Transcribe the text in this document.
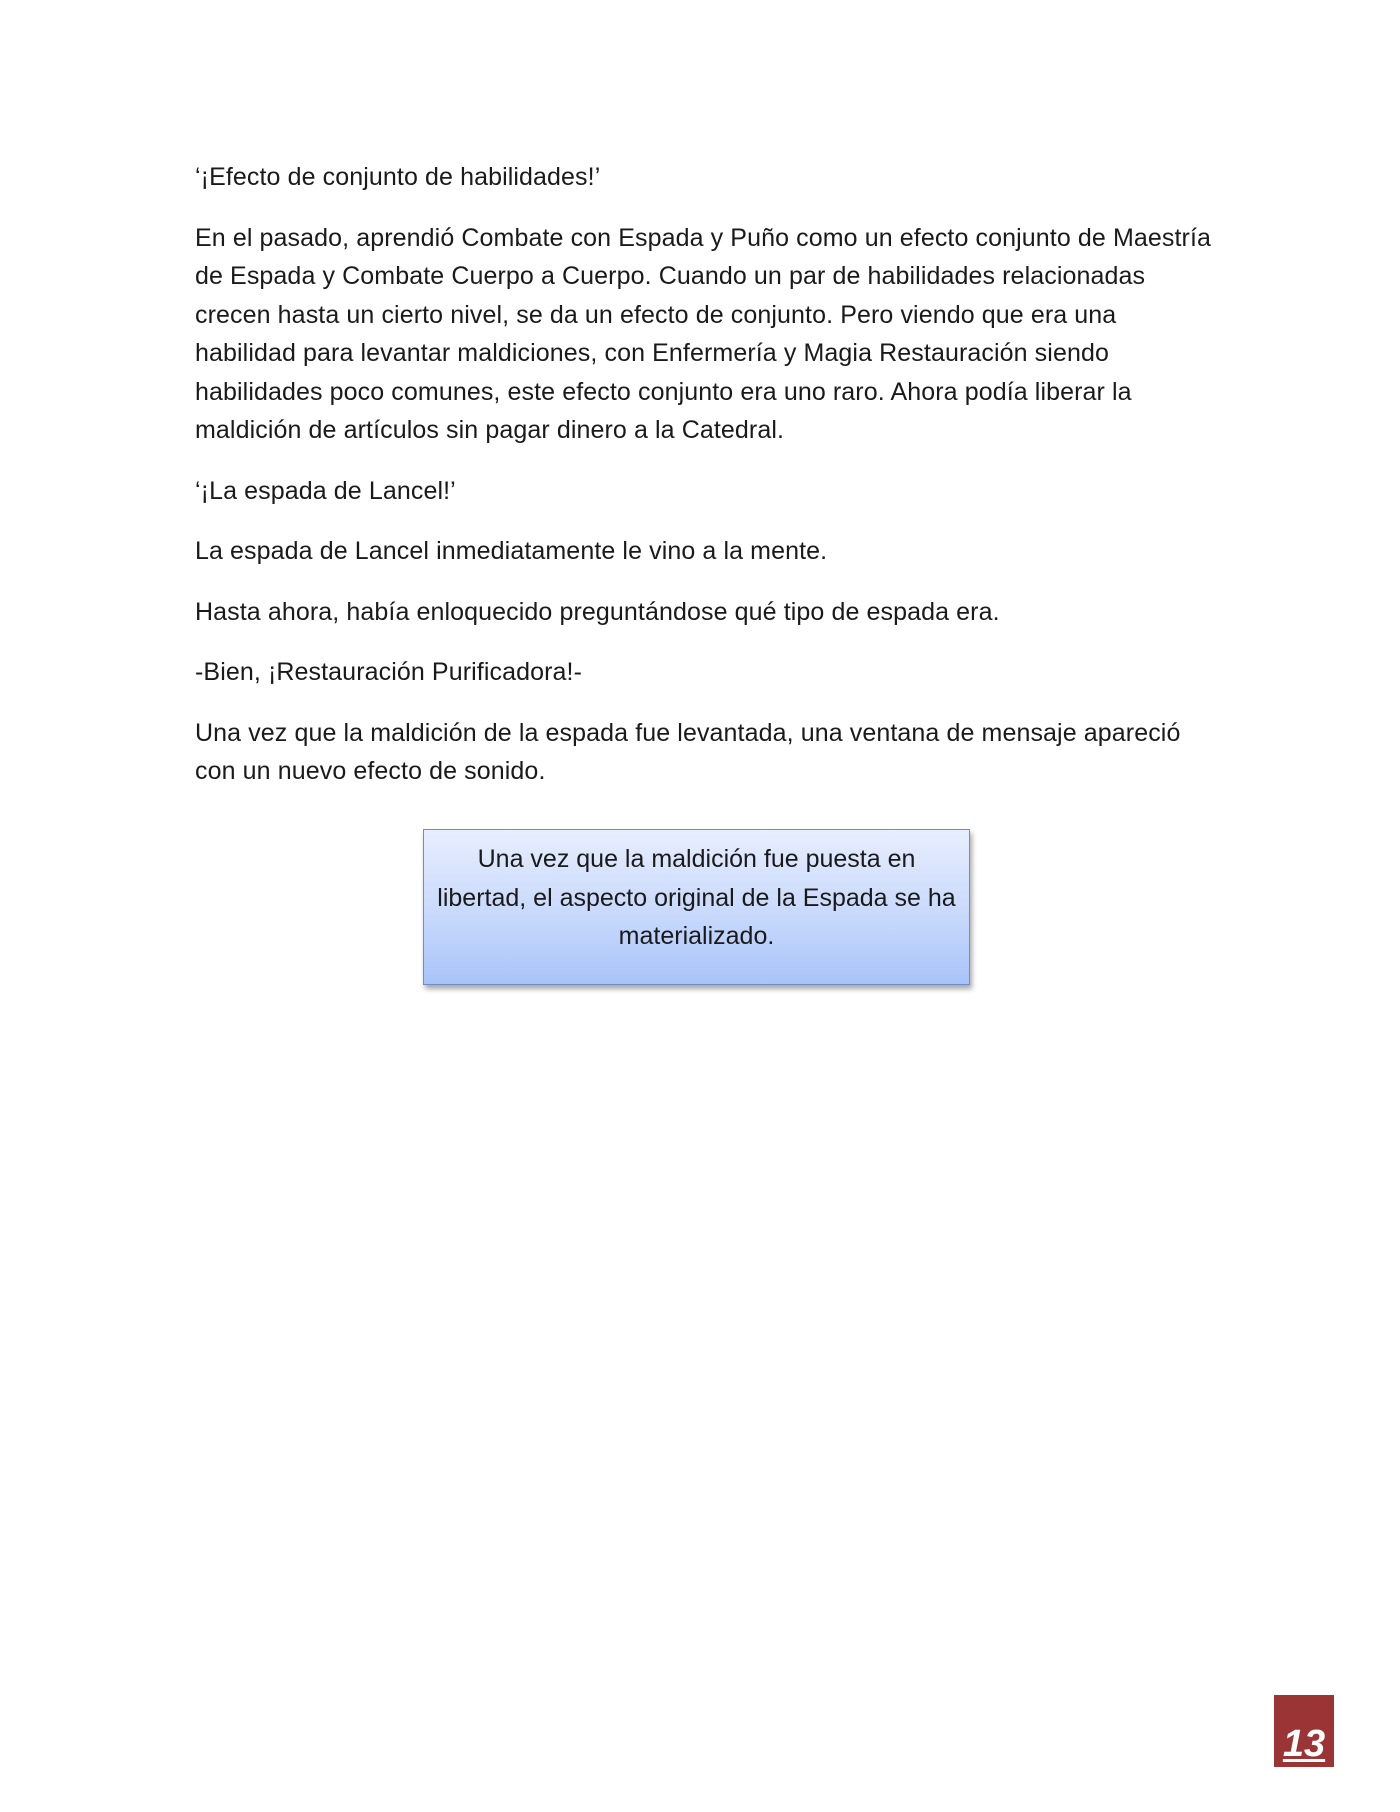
‘¡Efecto de conjunto de habilidades!’

En el pasado, aprendió Combate con Espada y Puño como un efecto conjunto de Maestría de Espada y Combate Cuerpo a Cuerpo. Cuando un par de habilidades relacionadas crecen hasta un cierto nivel, se da un efecto de conjunto. Pero viendo que era una habilidad para levantar maldiciones, con Enfermería y Magia Restauración siendo habilidades poco comunes, este efecto conjunto era uno raro. Ahora podía liberar la maldición de artículos sin pagar dinero a la Catedral.

‘¡La espada de Lancel!’

La espada de Lancel inmediatamente le vino a la mente.

Hasta ahora, había enloquecido preguntándose qué tipo de espada era.

-Bien, ¡Restauración Purificadora!-

Una vez que la maldición de la espada fue levantada, una ventana de mensaje apareció con un nuevo efecto de sonido.

Una vez que la maldición fue puesta en libertad, el aspecto original de la Espada se ha materializado.
13
